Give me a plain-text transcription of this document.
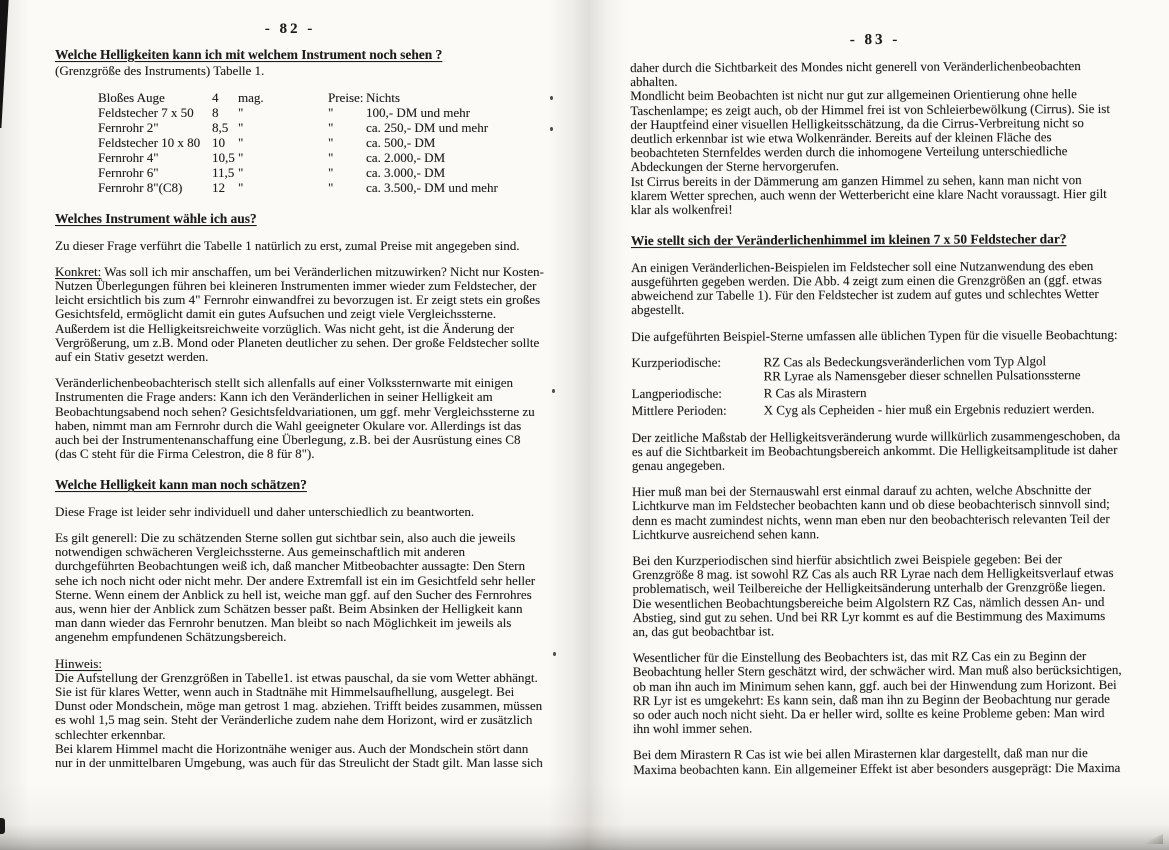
- 82 -
Welche Helligkeiten kann ich mit welchem Instrument noch sehen ?
(Grenzgröße des Instruments) Tabelle 1.
Bloßes Auge	4	mag.	Preise: Nichts
Feldstecher 7 x 50	8	"	"	100,- DM und mehr
Fernrohr 2"	8,5 "	"	ca. 250,- DM und mehr
Feldstecher 10 x 80 10	"	"	ca. 500,- DM
Fernrohr 4"	10,5 "	"	ca. 2.000,- DM
Fernrohr 6"	11,5 "	"	ca. 3.000,- DM
Fernrohr 8"(C8)	12	"	"	ca. 3.500,- DM und mehr
Welches Instrument wähle ich aus?

Zu dieser Frage verführt die Tabelle 1 natürlich zu erst, zumal Preise mit angegeben sind.

Konkret: Was soll ich mir anschaffen, um bei Veränderlichen mitzuwirken? Nicht nur Kosten-Nutzen Überlegungen führen bei kleineren Instrumenten immer wieder zum Feldstecher, der leicht ersichtlich bis zum 4" Fernrohr einwandfrei zu bevorzugen ist. Er zeigt stets ein großes Gesichtsfeld, ermöglicht damit ein gutes Aufsuchen und zeigt viele Vergleichssterne. Außerdem ist die Helligkeitsreichweite vorzüglich. Was nicht geht, ist die Änderung der Vergrößerung, um z.B. Mond oder Planeten deutlicher zu sehen. Der große Feldstecher sollte auf ein Stativ gesetzt werden.

Veränderlichenbeobachterisch stellt sich allenfalls auf einer Volkssternwarte mit einigen Instrumenten die Frage anders: Kann ich den Veränderlichen in seiner Helligkeit am Beobachtungsabend noch sehen? Gesichtsfeldvariationen, um ggf. mehr Vergleichssterne zu haben, nimmt man am Fernrohr durch die Wahl geeigneter Okulare vor. Allerdings ist das auch bei der Instrumentenanschaffung eine Überlegung, z.B. bei der Ausrüstung eines C8 (das C steht für die Firma Celestron, die 8 für 8").

Welche Helligkeit kann man noch schätzen?

Diese Frage ist leider sehr individuell und daher unterschiedlich zu beantworten.

Es gilt generell: Die zu schätzenden Sterne sollen gut sichtbar sein, also auch die jeweils notwendigen schwächeren Vergleichssterne. Aus gemeinschaftlich mit anderen durchgeführten Beobachtungen weiß ich, daß mancher Mitbeobachter aussagte: Den Stern sehe ich noch nicht oder nicht mehr. Der andere Extremfall ist ein im Gesichtfeld sehr heller Sterne. Wenn einem der Anblick zu hell ist, weiche man ggf. auf den Sucher des Fernrohres aus, wenn hier der Anblick zum Schätzen besser paßt. Beim Absinken der Helligkeit kann man dann wieder das Fernrohr benutzen. Man bleibt so nach Möglichkeit im jeweils als angenehm empfundenen Schätzungsbereich.

Hinweis:

Die Aufstellung der Grenzgrößen in Tabelle1. ist etwas pauschal, da sie vom Wetter abhängt. Sie ist für klares Wetter, wenn auch in Stadtnähe mit Himmelsaufhellung, ausgelegt. Bei Dunst oder Mondschein, möge man getrost 1 mag. abziehen. Trifft beides zusammen, müssen es wohl 1,5 mag sein. Steht der Veränderliche zudem nahe dem Horizont, wird er zusätzlich schlechter erkennbar.

Bei klarem Himmel macht die Horizontnähe weniger aus. Auch der Mondschein stört dann nur in der unmittelbaren Umgebung, was auch für das Streulicht der Stadt gilt. Man lasse sich

- 83 -

daher durch die Sichtbarkeit des Mondes nicht generell von Veränderlichenbeobachten abhalten.

Mondlicht beim Beobachten ist nicht nur gut zur allgemeinen Orientierung ohne helle Taschenlampe; es zeigt auch, ob der Himmel frei ist von Schleierbewölkung (Cirrus). Sie ist der Hauptfeind einer visuellen Helligkeitsschätzung, da die Cirrus-Verbreitung nicht so deutlich erkennbar ist wie etwa Wolkenränder. Bereits auf der kleinen Fläche des beobachteten Sternfeldes werden durch die inhomogene Verteilung unterschiedliche Abdeckungen der Sterne hervorgerufen.

Ist Cirrus bereits in der Dämmerung am ganzen Himmel zu sehen, kann man nicht von klarem Wetter sprechen, auch wenn der Wetterbericht eine klare Nacht voraussagt. Hier gilt klar als wolkenfrei!

Wie stellt sich der Veränderlichenhimmel im kleinen 7 x 50 Feldstecher dar?

An einigen Veränderlichen-Beispielen im Feldstecher soll eine Nutzanwendung des eben ausgeführten gegeben werden. Die Abb. 4 zeigt zum einen die Grenzgrößen an (ggf. etwas abweichend zur Tabelle 1). Für den Feldstecher ist zudem auf gutes und schlechtes Wetter abgestellt.

Die aufgeführten Beispiel-Sterne umfassen alle üblichen Typen für die visuelle Beobachtung:

Kurzperiodische:	RZ Cas als Bedeckungsveränderlichen vom Typ Algol
RR Lyrae als Namensgeber dieser schnellen Pulsationssterne
Langperiodische:	R Cas als Mirastern
Mittlere Perioden:	X Cyg als Cepheiden - hier muß ein Ergebnis reduziert werden.

Der zeitliche Maßstab der Helligkeitsveränderung wurde willkürlich zusammengeschoben, da es auf die Sichtbarkeit im Beobachtungsbereich ankommt. Die Helligkeitsamplitude ist daher genau angegeben.

Hier muß man bei der Sternauswahl erst einmal darauf zu achten, welche Abschnitte der Lichtkurve man im Feldstecher beobachten kann und ob diese beobachterisch sinnvoll sind; denn es macht zumindest nichts, wenn man eben nur den beobachterisch relevanten Teil der Lichtkurve ausreichend sehen kann.

Bei den Kurzperiodischen sind hierfür absichtlich zwei Beispiele gegeben: Bei der Grenzgröße 8 mag. ist sowohl RZ Cas als auch RR Lyrae nach dem Helligkeitsverlauf etwas problematisch, weil Teilbereiche der Helligkeitsänderung unterhalb der Grenzgröße liegen. Die wesentlichen Beobachtungsbereiche beim Algolstern RZ Cas, nämlich dessen An- und Abstieg, sind gut zu sehen. Und bei RR Lyr kommt es auf die Bestimmung des Maximums an, das gut beobachtbar ist.

Wesentlicher für die Einstellung des Beobachters ist, das mit RZ Cas ein zu Beginn der Beobachtung heller Stern geschätzt wird, der schwächer wird. Man muß also berücksichtigen, ob man ihn auch im Minimum sehen kann, ggf. auch bei der Hinwendung zum Horizont. Bei RR Lyr ist es umgekehrt: Es kann sein, daß man ihn zu Beginn der Beobachtung nur gerade so oder auch noch nicht sieht. Da er heller wird, sollte es keine Probleme geben: Man wird ihn wohl immer sehen.

Bei dem Mirastern R Cas ist wie bei allen Mirasternen klar dargestellt, daß man nur die Maxima beobachten kann. Ein allgemeiner Effekt ist aber besonders ausgeprägt: Die Maxima
